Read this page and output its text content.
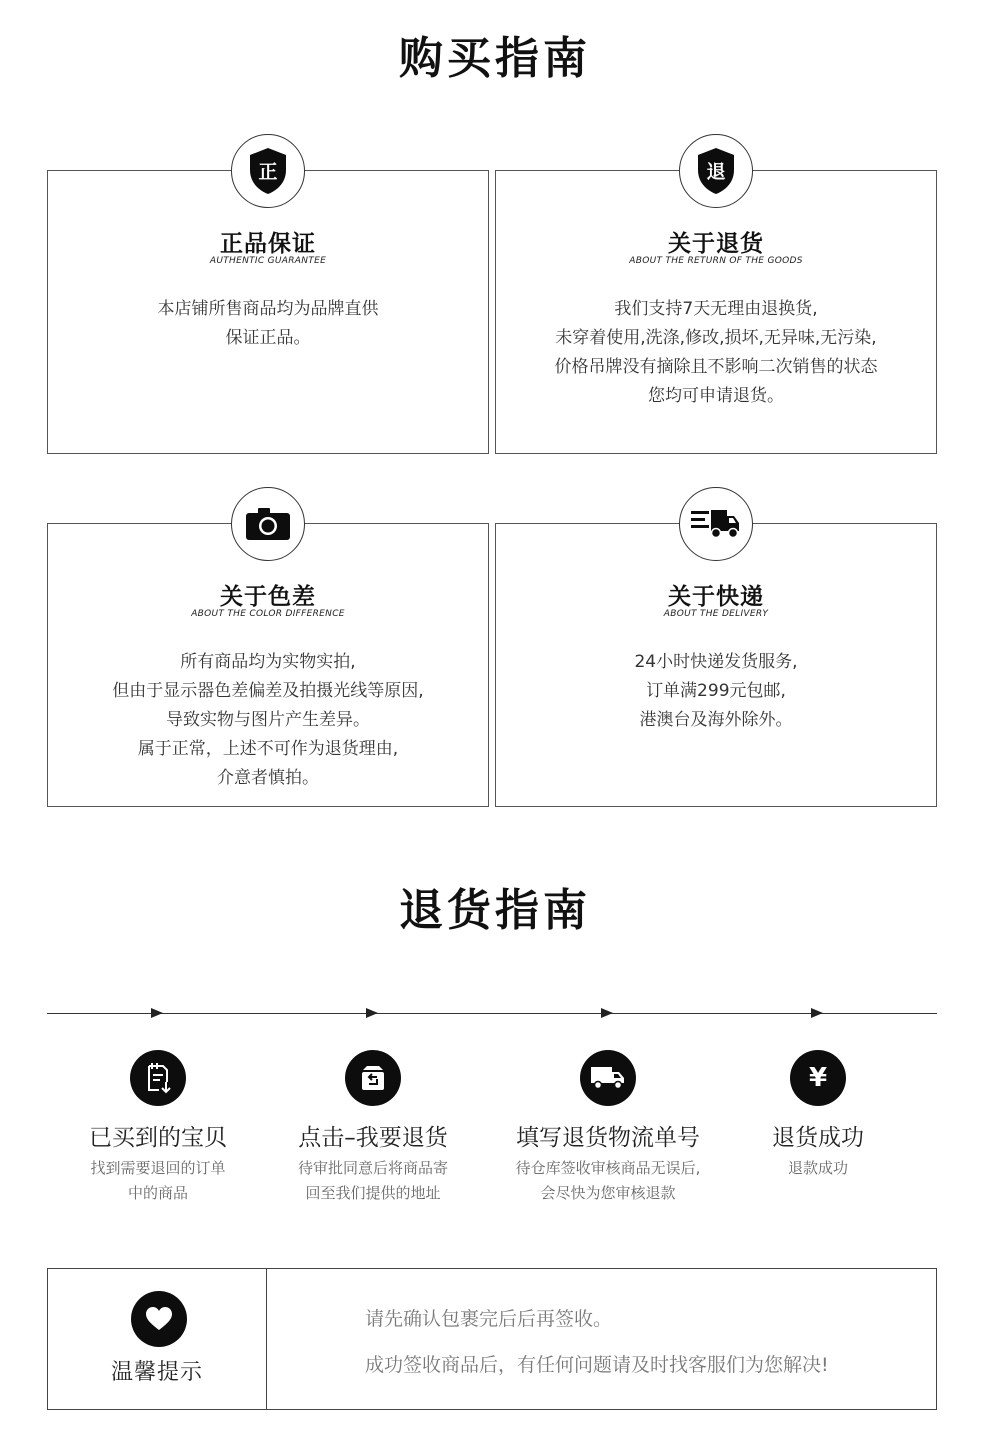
购买指南
正
正品保证
AUTHENTIC GUARANTEE
本店铺所售商品均为品牌直供
保证正品。
退
关于退货
ABOUT THE RETURN OF THE GOODS
我们支持7天无理由退换货,
未穿着使用,洗涤,修改,损坏,无异味,无污染,
价格吊牌没有摘除且不影响二次销售的状态
您均可申请退货。
关于色差
ABOUT THE COLOR DIFFERENCE
所有商品均为实物实拍,
但由于显示器色差偏差及拍摄光线等原因,
导致实物与图片产生差异。
属于正常，上述不可作为退货理由,
介意者慎拍。
关于快递
ABOUT THE DELIVERY
24小时快递发货服务,
订单满299元包邮,
港澳台及海外除外。
退货指南
已买到的宝贝
找到需要退回的订单
中的商品
点击–我要退货
待审批同意后将商品寄
回至我们提供的地址
填写退货物流单号
待仓库签收审核商品无误后,
会尽快为您审核退款
¥
退货成功
退款成功
温馨提示
请先确认包裹完后后再签收。
成功签收商品后，有任何问题请及时找客服们为您解决!
